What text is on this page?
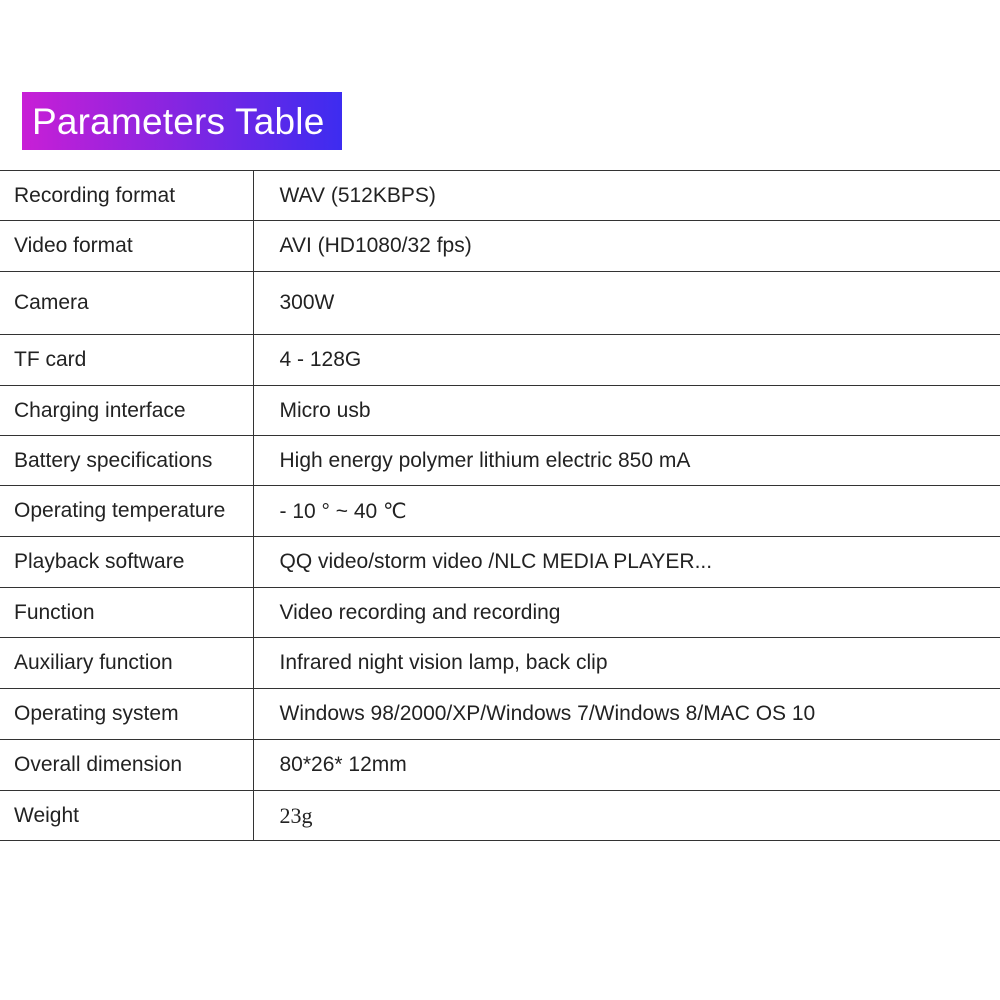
Parameters Table
Recording format	WAV (512KBPS)
Video format	AVI (HD1080/32 fps)
Camera	300W
TF card	4 - 128G
Charging interface	Micro usb
Battery specifications	High energy polymer lithium electric 850 mA
Operating temperature	- 10 ° ~ 40 ℃
Playback software	QQ video/storm video /NLC MEDIA PLAYER...
Function	Video recording and recording
Auxiliary function	Infrared night vision lamp, back clip
Operating system	Windows 98/2000/XP/Windows 7/Windows 8/MAC OS 10
Overall dimension	80*26* 12mm
Weight	23g
